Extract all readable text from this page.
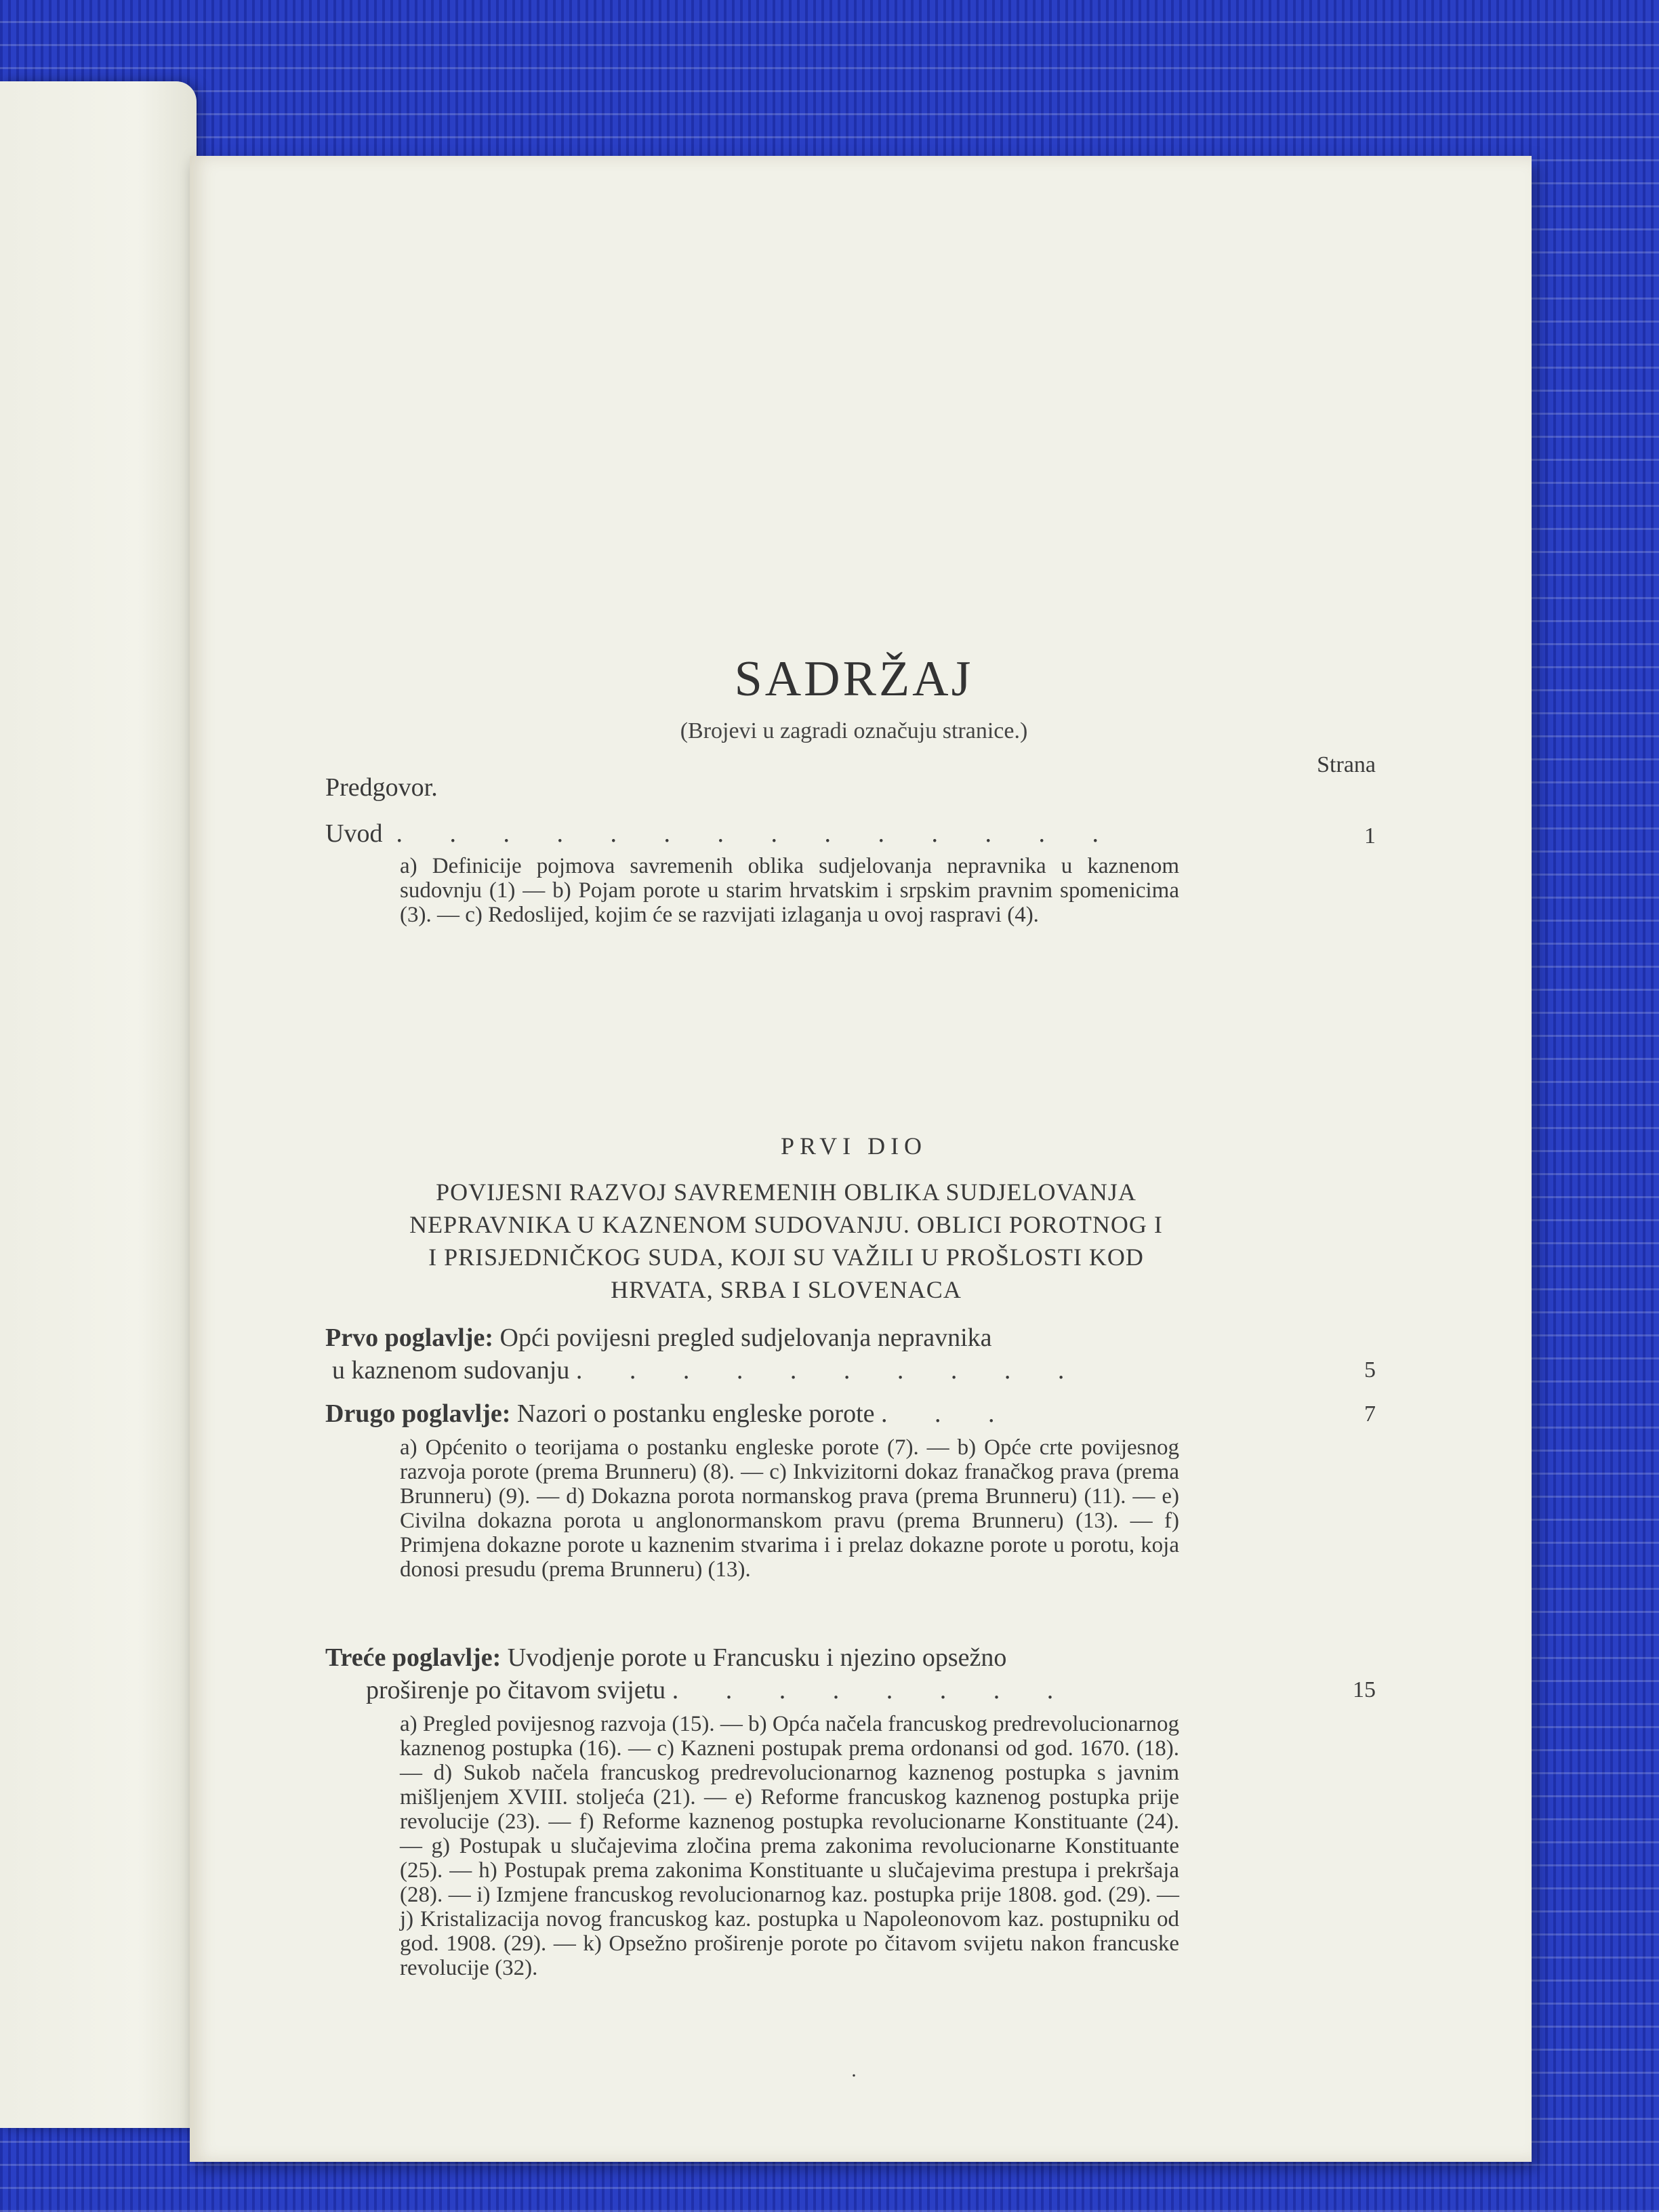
SADRŽAJ
(Brojevi u zagradi označuju stranice.)
Strana
Predgovor.
Uvod . . . . . . . . . . . . . .	1
a) Definicije pojmova savremenih oblika sudjelovanja nepravnika u kaznenom sudovnju (1) — b) Pojam porote u starim hrvatskim i srpskim pravnim spomenicima (3). — c) Redoslijed, kojim će se razvijati izlaganja u ovoj raspravi (4).
PRVI DIO
POVIJESNI RAZVOJ SAVREMENIH OBLIKA SUDJELOVANJA
NEPRAVNIKA U KAZNENOM SUDOVANJU. OBLICI POROTNOG I
I PRISJEDNIČKOG SUDA, KOJI SU VAŽILI U PROŠLOSTI KOD
HRVATA, SRBA I SLOVENACA
Prvo poglavlje: Opći povijesni pregled sudjelovanja nepravnika
u kaznenom sudovanju . . . . . . . . . .	5
Drugo poglavlje: Nazori o postanku engleske porote . . .	7
a) Općenito o teorijama o postanku engleske porote (7). — b) Opće crte povijesnog razvoja porote (prema Brunneru) (8). — c) Inkvizitorni dokaz franačkog prava (prema Brunneru) (9). — d) Dokazna porota normanskog prava (prema Brunneru) (11). — e) Civilna dokazna porota u anglonormanskom pravu (prema Brunneru) (13). — f) Primjena dokazne porote u kaznenim stvarima i i prelaz dokazne porote u porotu, koja donosi presudu (prema Brunneru) (13).
Treće poglavlje: Uvodjenje porote u Francusku i njezino opsežno
proširenje po čitavom svijetu . . . . . . . .	15
a) Pregled povijesnog razvoja (15). — b) Opća načela francuskog predrevolucionarnog kaznenog postupka (16). — c) Kazneni postupak prema ordonansi od god. 1670. (18). — d) Sukob načela francuskog predrevolucionarnog kaznenog postupka s javnim mišljenjem XVIII. stoljeća (21). — e) Reforme francuskog kaznenog postupka prije revolucije (23). — f) Reforme kaznenog postupka revolucionarne Konstituante (24). — g) Postupak u slučajevima zločina prema zakonima revolucionarne Konstituante (25). — h) Postupak prema zakonima Konstituante u slučajevima prestupa i prekršaja (28). — i) Izmjene francuskog revolucionarnog kaz. postupka prije 1808. god. (29). — j) Kristalizacija novog francuskog kaz. postupka u Napoleonovom kaz. postupniku od god. 1908. (29). — k) Opsežno proširenje porote po čitavom svijetu nakon francuske revolucije (32).
.
